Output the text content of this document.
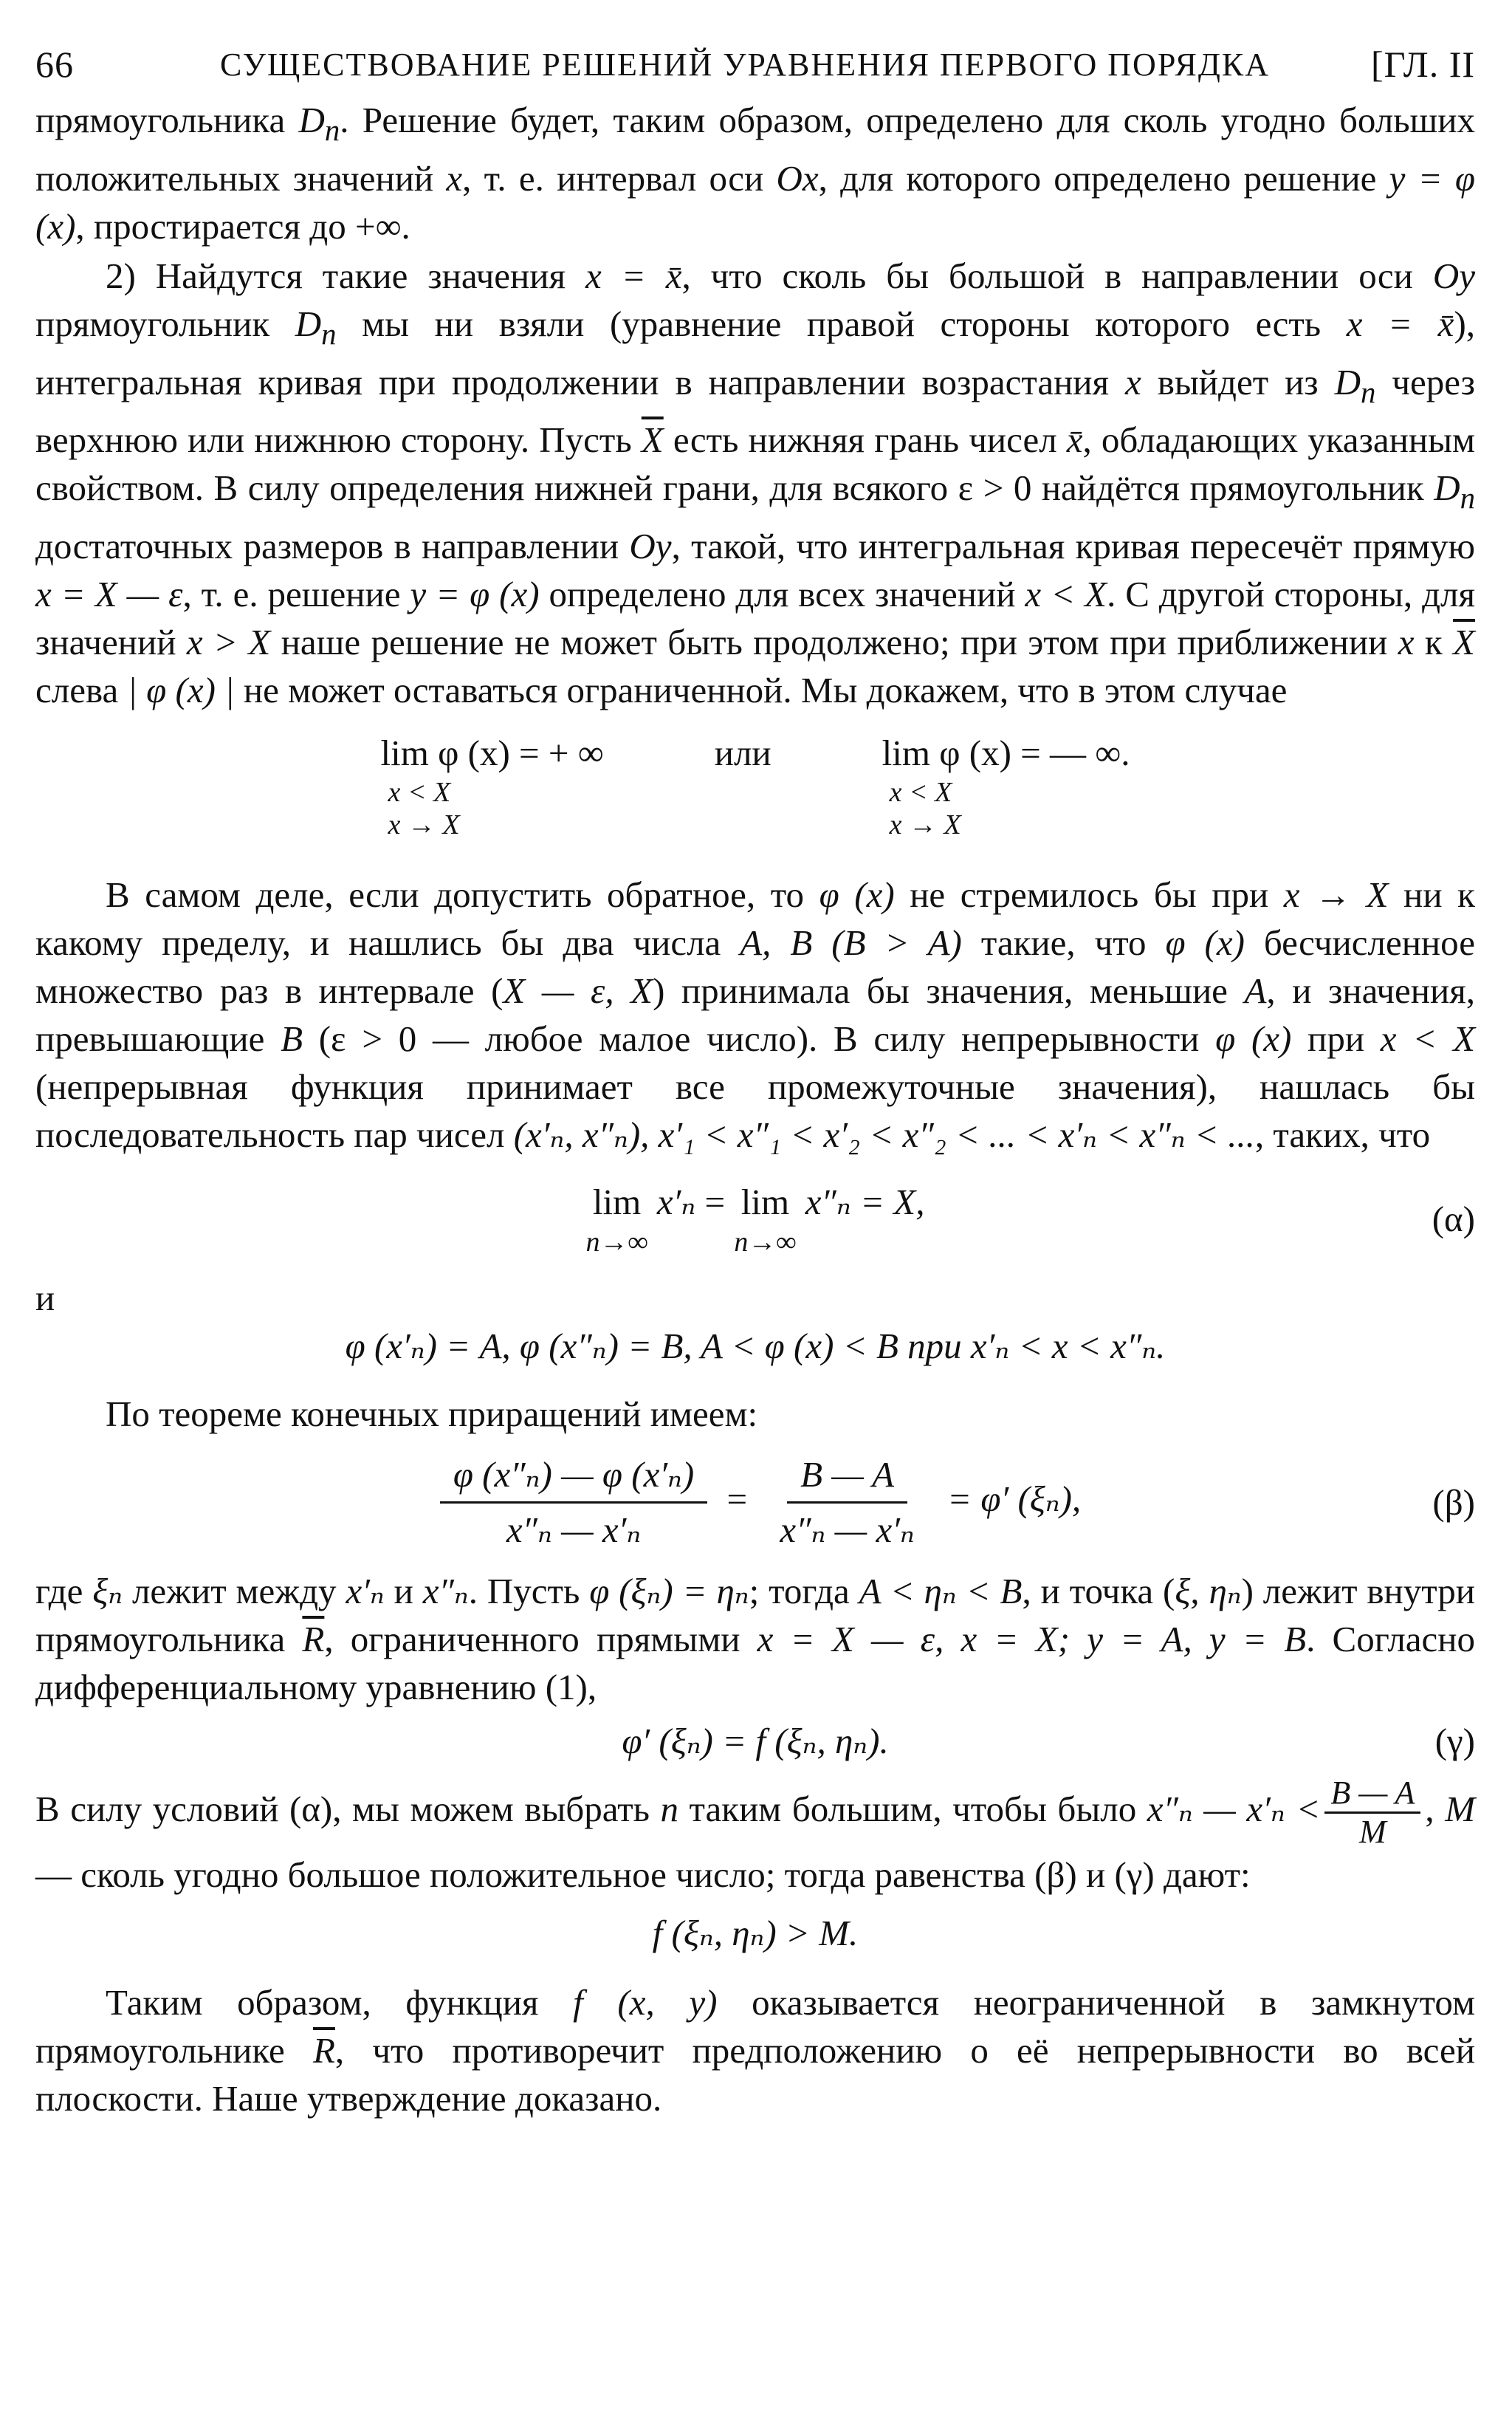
66	СУЩЕСТВОВАНИЕ РЕШЕНИЙ УРАВНЕНИЯ ПЕРВОГО ПОРЯДКА	[ГЛ. II

прямоугольника $D_n$. Решение будет, таким образом, определено для сколь угодно больших положительных значений x, т. е. интервал оси Ox, для которого определено решение y = φ (x), простирается до +∞.

2) Найдутся такие значения x = x̄, что сколь бы большой в направлении оси Oy прямоугольник $D_n$ мы ни взяли (уравнение правой стороны которого есть x = x̄), интегральная кривая при продолжении в направлении возрастания x выйдет из $D_n$ через верхнюю или нижнюю сторону. Пусть $\overline{X}$ есть нижняя грань чисел x̄, обладающих указанным свойством. В силу определения нижней грани, для всякого ε > 0 найдётся прямоугольник $D_n$ достаточных размеров в направлении Oy, такой, что интегральная кривая пересечёт прямую x = X — ε, т. е. решение y = φ (x) определено для всех значений x < X. С другой стороны, для значений x > X наше решение не может быть продолжено; при этом при приближении x к $\overline{X}$ слева | φ (x) | не может оставаться ограниченной. Мы докажем, что в этом случае

lim φ (x) = + ∞
x < X
x → X
или	lim φ (x) = — ∞.
x < X
x → X

В самом деле, если допустить обратное, то φ (x) не стремилось бы при x → X ни к какому пределу, и нашлись бы два числа A, B (B > A) такие, что φ (x) бесчисленное множество раз в интервале (X — ε, X) принимала бы значения, меньшие A, и значения, превышающие B (ε > 0 — любое малое число). В силу непрерывности φ (x) при x < X (непрерывная функция принимает все промежуточные значения), нашлась бы последовательность пар чисел (x′ₙ, x″ₙ), x′₁ < x″₁ < x′₂ < x″₂ < ... < x′ₙ < x″ₙ < ..., таких, что

lim
n→∞
x′ₙ = lim
n→∞
x″ₙ = X,	(α)

и

φ (x′ₙ) = A, φ (x″ₙ) = B, A < φ (x) < B при x′ₙ < x < x″ₙ.

По теореме конечных приращений имеем:

$\frac{\text{φ (x″ₙ) — φ (x′ₙ)}}{\text{x″ₙ — x′ₙ}} = \frac{B — A}{\text{x″ₙ — x′ₙ}} = \varphi'$ (ξₙ),	(β)

где ξₙ лежит между x′ₙ и x″ₙ. Пусть φ (ξₙ) = ηₙ; тогда A < ηₙ < B, и точка (ξ, ηₙ) лежит внутри прямоугольника $\overline{R}$, ограниченного прямыми x = X — ε, x = X; y = A, y = B. Согласно дифференциальному уравнению (1),

φ′ (ξₙ) = f (ξₙ, ηₙ).	(γ)

В силу условий (α), мы можем выбрать n таким большим, чтобы было x″ₙ — $x'_n < \frac{B — A}{M}$ , M — сколь угодно большое положительное число; тогда равенства (β) и (γ) дают:

f (ξₙ, ηₙ) > M.

Таким образом, функция f (x, y) оказывается неограниченной в замкнутом прямоугольнике $\overline{R}$, что противоречит предположению о её непрерывности во всей плоскости. Наше утверждение доказано.
